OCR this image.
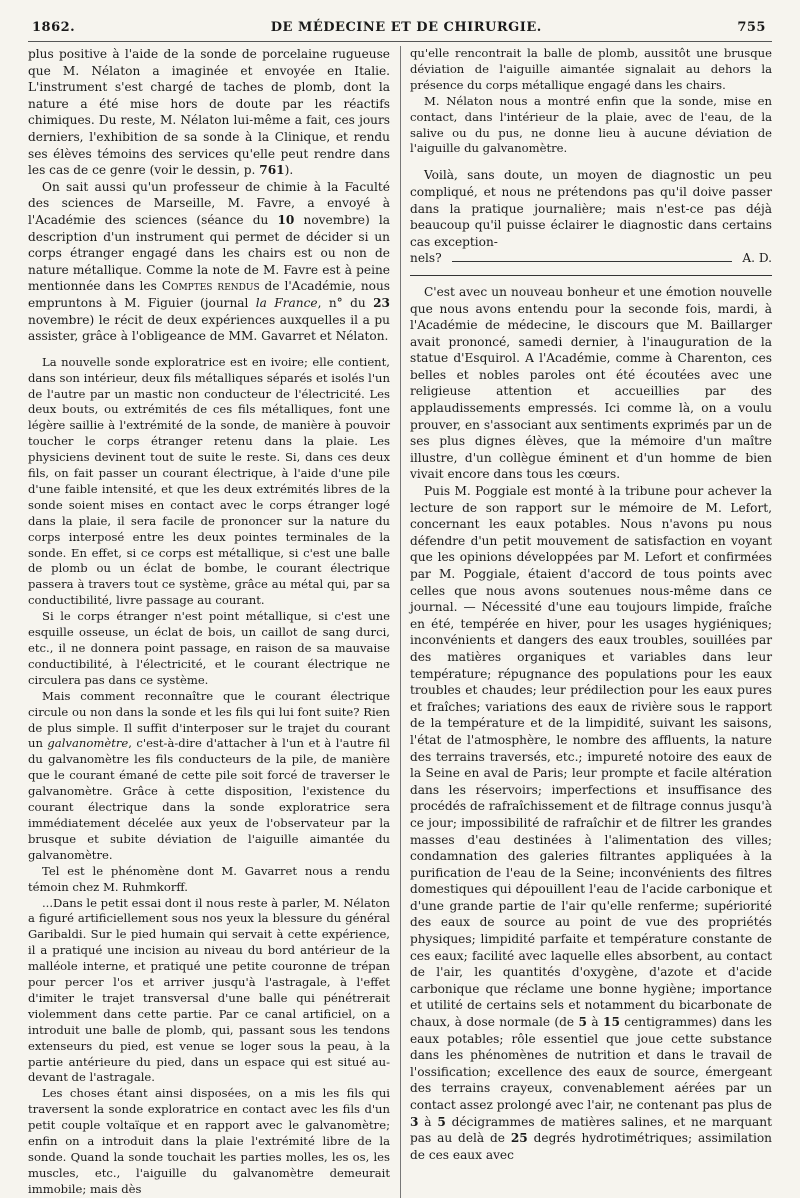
1862.	DE MÉDECINE ET DE CHIRURGIE.	755

plus positive à l'aide de la sonde de porcelaine rugueuse que M. Nélaton a imaginée et envoyée en Italie. L'instrument s'est chargé de taches de plomb, dont la nature a été mise hors de doute par les réactifs chimiques. Du reste, M. Nélaton lui-même a fait, ces jours derniers, l'exhibition de sa sonde à la Clinique, et rendu ses élèves témoins des services qu'elle peut rendre dans les cas de ce genre (voir le dessin, p. 761).

On sait aussi qu'un professeur de chimie à la Faculté des sciences de Marseille, M. Favre, a envoyé à l'Académie des sciences (séance du 10 novembre) la description d'un instrument qui permet de décider si un corps étranger engagé dans les chairs est ou non de nature métallique. Comme la note de M. Favre est à peine mentionnée dans les Comptes rendus de l'Académie, nous empruntons à M. Figuier (journal la France, n° du 23 novembre) le récit de deux expériences auxquelles il a pu assister, grâce à l'obligeance de MM. Gavarret et Nélaton.

La nouvelle sonde exploratrice est en ivoire; elle contient, dans son intérieur, deux fils métalliques séparés et isolés l'un de l'autre par un mastic non conducteur de l'électricité. Les deux bouts, ou extrémités de ces fils métalliques, font une légère saillie à l'extrémité de la sonde, de manière à pouvoir toucher le corps étranger retenu dans la plaie. Les physiciens devinent tout de suite le reste. Si, dans ces deux fils, on fait passer un courant électrique, à l'aide d'une pile d'une faible intensité, et que les deux extrémités libres de la sonde soient mises en contact avec le corps étranger logé dans la plaie, il sera facile de prononcer sur la nature du corps interposé entre les deux pointes terminales de la sonde. En effet, si ce corps est métallique, si c'est une balle de plomb ou un éclat de bombe, le courant électrique passera à travers tout ce système, grâce au métal qui, par sa conductibilité, livre passage au courant.

Si le corps étranger n'est point métallique, si c'est une esquille osseuse, un éclat de bois, un caillot de sang durci, etc., il ne donnera point passage, en raison de sa mauvaise conductibilité, à l'électricité, et le courant électrique ne circulera pas dans ce système.

Mais comment reconnaître que le courant électrique circule ou non dans la sonde et les fils qui lui font suite? Rien de plus simple. Il suffit d'interposer sur le trajet du courant un galvanomètre, c'est-à-dire d'attacher à l'un et à l'autre fil du galvanomètre les fils conducteurs de la pile, de manière que le courant émané de cette pile soit forcé de traverser le galvanomètre. Grâce à cette disposition, l'existence du courant électrique dans la sonde exploratrice sera immédiatement décelée aux yeux de l'observateur par la brusque et subite déviation de l'aiguille aimantée du galvanomètre.

Tel est le phénomène dont M. Gavarret nous a rendu témoin chez M. Ruhmkorff.

...Dans le petit essai dont il nous reste à parler, M. Nélaton a figuré artificiellement sous nos yeux la blessure du général Garibaldi. Sur le pied humain qui servait à cette expérience, il a pratiqué une incision au niveau du bord antérieur de la malléole interne, et pratiqué une petite couronne de trépan pour percer l'os et arriver jusqu'à l'astragale, à l'effet d'imiter le trajet transversal d'une balle qui pénétrerait violemment dans cette partie. Par ce canal artificiel, on a introduit une balle de plomb, qui, passant sous les tendons extenseurs du pied, est venue se loger sous la peau, à la partie antérieure du pied, dans un espace qui est situé au-devant de l'astragale.

Les choses étant ainsi disposées, on a mis les fils qui traversent la sonde exploratrice en contact avec les fils d'un petit couple voltaïque et en rapport avec le galvanomètre; enfin on a introduit dans la plaie l'extrémité libre de la sonde. Quand la sonde touchait les parties molles, les os, les muscles, etc., l'aiguille du galvanomètre demeurait immobile; mais dès

qu'elle rencontrait la balle de plomb, aussitôt une brusque déviation de l'aiguille aimantée signalait au dehors la présence du corps métallique engagé dans les chairs.

M. Nélaton nous a montré enfin que la sonde, mise en contact, dans l'intérieur de la plaie, avec de l'eau, de la salive ou du pus, ne donne lieu à aucune déviation de l'aiguille du galvanomètre.

Voilà, sans doute, un moyen de diagnostic un peu compliqué, et nous ne prétendons pas qu'il doive passer dans la pratique journalière; mais n'est-ce pas déjà beaucoup qu'il puisse éclairer le diagnostic dans certains cas exception-

nels?	A. D.

C'est avec un nouveau bonheur et une émotion nouvelle que nous avons entendu pour la seconde fois, mardi, à l'Académie de médecine, le discours que M. Baillarger avait prononcé, samedi dernier, à l'inauguration de la statue d'Esquirol. A l'Académie, comme à Charenton, ces belles et nobles paroles ont été écoutées avec une religieuse attention et accueillies par des applaudissements empressés. Ici comme là, on a voulu prouver, en s'associant aux sentiments exprimés par un de ses plus dignes élèves, que la mémoire d'un maître illustre, d'un collègue éminent et d'un homme de bien vivait encore dans tous les cœurs.

Puis M. Poggiale est monté à la tribune pour achever la lecture de son rapport sur le mémoire de M. Lefort, concernant les eaux potables. Nous n'avons pu nous défendre d'un petit mouvement de satisfaction en voyant que les opinions développées par M. Lefort et confirmées par M. Poggiale, étaient d'accord de tous points avec celles que nous avons soutenues nous-même dans ce journal. — Nécessité d'une eau toujours limpide, fraîche en été, tempérée en hiver, pour les usages hygiéniques; inconvénients et dangers des eaux troubles, souillées par des matières organiques et variables dans leur température; répugnance des populations pour les eaux troubles et chaudes; leur prédilection pour les eaux pures et fraîches; variations des eaux de rivière sous le rapport de la température et de la limpidité, suivant les saisons, l'état de l'atmosphère, le nombre des affluents, la nature des terrains traversés, etc.; impureté notoire des eaux de la Seine en aval de Paris; leur prompte et facile altération dans les réservoirs; imperfections et insuffisance des procédés de rafraîchissement et de filtrage connus jusqu'à ce jour; impossibilité de rafraîchir et de filtrer les grandes masses d'eau destinées à l'alimentation des villes; condamnation des galeries filtrantes appliquées à la purification de l'eau de la Seine; inconvénients des filtres domestiques qui dépouillent l'eau de l'acide carbonique et d'une grande partie de l'air qu'elle renferme; supériorité des eaux de source au point de vue des propriétés physiques; limpidité parfaite et température constante de ces eaux; facilité avec laquelle elles absorbent, au contact de l'air, les quantités d'oxygène, d'azote et d'acide carbonique que réclame une bonne hygiène; importance et utilité de certains sels et notamment du bicarbonate de chaux, à dose normale (de 5 à 15 centigrammes) dans les eaux potables; rôle essentiel que joue cette substance dans les phénomènes de nutrition et dans le travail de l'ossification; excellence des eaux de source, émergeant des terrains crayeux, convenablement aérées par un contact assez prolongé avec l'air, ne contenant pas plus de 3 à 5 décigrammes de matières salines, et ne marquant pas au delà de 25 degrés hydrotimétriques; assimilation de ces eaux avec
